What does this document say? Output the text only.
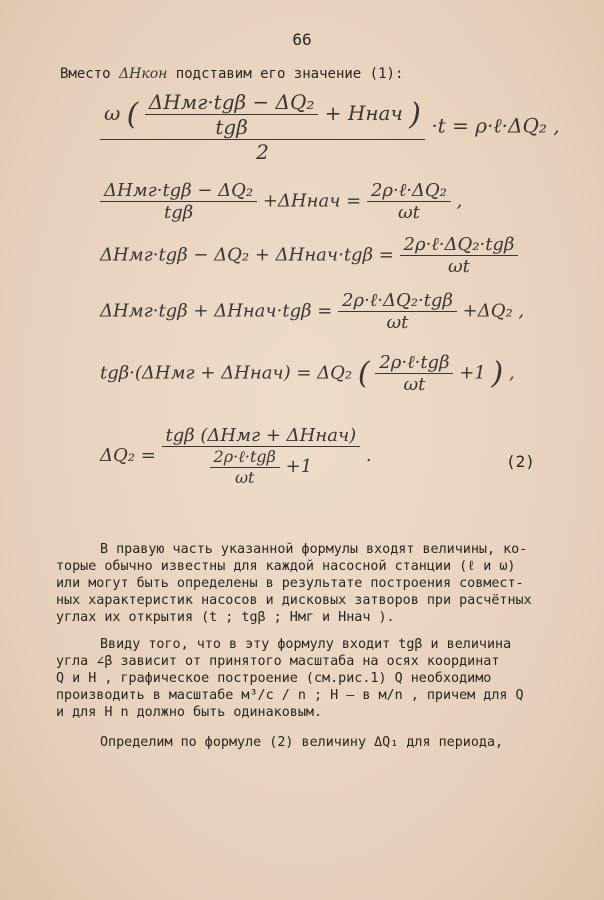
66
Вместо ΔHкон подставим его значение (1):
ω ( $\frac{\text{ΔHмг·tgβ − ΔQ₂}}{\text{tgβ}}$ + Hнач )
2
·t = ρ·ℓ·ΔQ₂ ,
$\frac{\text{ΔHмг·tgβ − ΔQ₂}}{\text{tgβ}}$ +ΔHнач = $\frac{\text{2ρ·ℓ·ΔQ₂}}{\omega t}$ ,
ΔHмг·tgβ − ΔQ₂ + ΔHнач·tgβ = $\frac{\text{2ρ·ℓ·ΔQ₂·tgβ}}{\omega t}$
ΔHмг·tgβ + ΔHнач·tgβ = $\frac{\text{2ρ·ℓ·ΔQ₂·tgβ}}{\omega t} +\Delta Q_2$ ,
tgβ·(ΔHмг + ΔHнач) = ΔQ₂ ( $\frac{\text{2ρ·ℓ·tgβ}}{\omega t} +1$ ) ,
$\Delta Q_2 = \frac{\text{tgβ (ΔHмг + ΔHнач)}}{\frac{\text{2ρ·ℓ·tgβ}}{\omega t} +1}$ .	(2)
В правую часть указанной формулы входят величины, ко-
торые обычно известны для каждой насосной станции (ℓ и ω)
или могут быть определены в результате построения совмест-
ных характеристик насосов и дисковых затворов при расчётных
углах их открытия (t ; tgβ ; Hмг и Hнач ).
Ввиду того, что в эту формулу входит tgβ и величина
угла ∠β зависит от принятого масштаба на осях координат
Q и H , графическое построение (см.рис.1) Q необходимо
производить в масштабе м³/с / n ; H – в м/n , причем для Q
и для H n должно быть одинаковым.
Определим по формуле (2) величину ΔQ₁ для периода,
